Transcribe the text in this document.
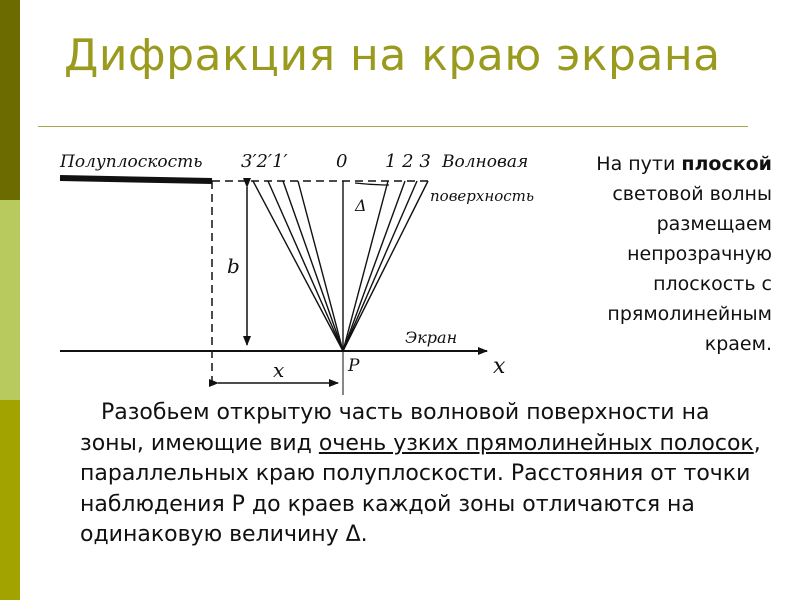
Дифракция на краю экрана
Полуплоскость 3′2′1′	0 1 2 3 Волновая
поверхность
Δ
b
Экран
P	x
x
На пути плоской световой волны размещаем непрозрачную плоскость с прямолинейным краем.
Разобьем открытую часть волновой поверхности на зоны, имеющие вид очень узких прямолинейных полосок, параллельных краю полуплоскости. Расстояния от точки наблюдения Р до краев каждой зоны отличаются на одинаковую величину Δ.
